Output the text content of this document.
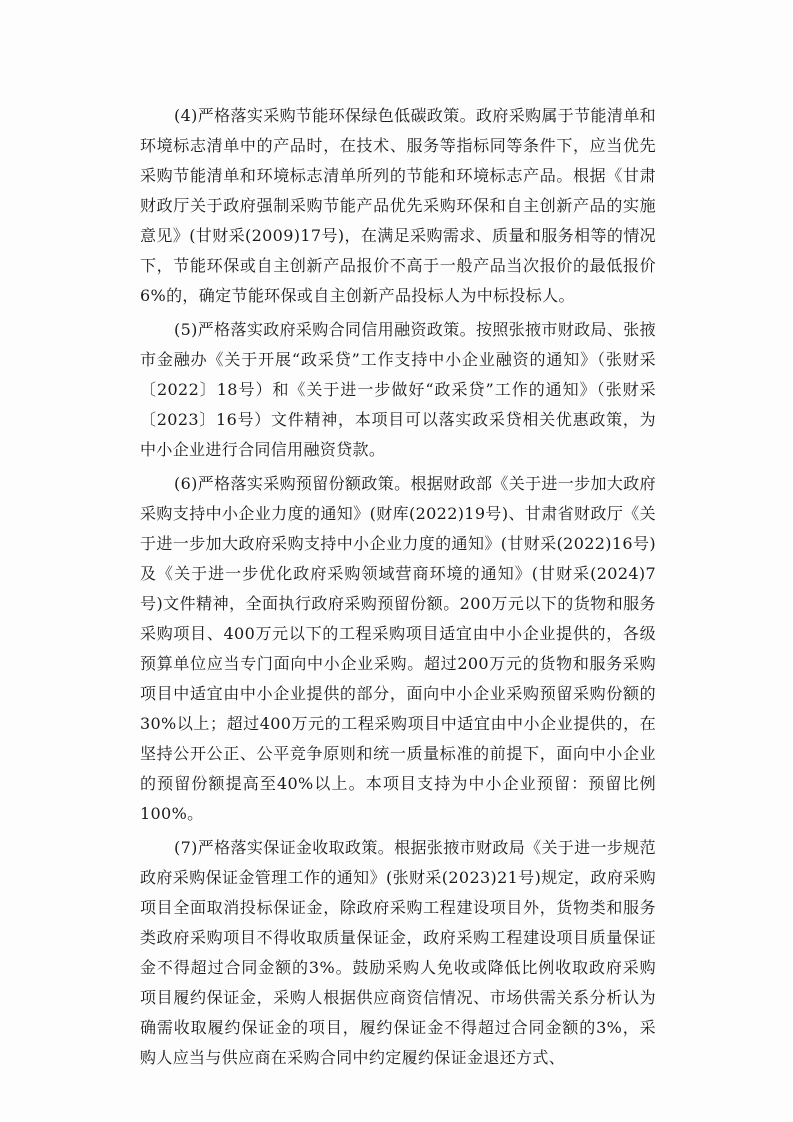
(4)严格落实采购节能环保绿色低碳政策。政府采购属于节能清单和环境标志清单中的产品时，在技术、服务等指标同等条件下，应当优先采购节能清单和环境标志清单所列的节能和环境标志产品。根据《甘肃财政厅关于政府强制采购节能产品优先采购环保和自主创新产品的实施意见》(甘财采(2009)17号)，在满足采购需求、质量和服务相等的情况下，节能环保或自主创新产品报价不高于一般产品当次报价的最低报价6%的，确定节能环保或自主创新产品投标人为中标投标人。

(5)严格落实政府采购合同信用融资政策。按照张掖市财政局、张掖市金融办《关于开展“政采贷”工作支持中小企业融资的通知》（张财采〔2022〕18号）和《关于进一步做好“政采贷”工作的通知》（张财采〔2023〕16号）文件精神，本项目可以落实政采贷相关优惠政策，为中小企业进行合同信用融资贷款。

(6)严格落实采购预留份额政策。根据财政部《关于进一步加大政府采购支持中小企业力度的通知》(财库(2022)19号)、甘肃省财政厅《关于进一步加大政府采购支持中小企业力度的通知》(甘财采(2022)16号)及《关于进一步优化政府采购领域营商环境的通知》(甘财采(2024)7号)文件精神，全面执行政府采购预留份额。200万元以下的货物和服务采购项目、400万元以下的工程采购项目适宜由中小企业提供的，各级预算单位应当专门面向中小企业采购。超过200万元的货物和服务采购项目中适宜由中小企业提供的部分，面向中小企业采购预留采购份额的30%以上；超过400万元的工程采购项目中适宜由中小企业提供的，在坚持公开公正、公平竞争原则和统一质量标准的前提下，面向中小企业的预留份额提高至40%以上。本项目支持为中小企业预留：预留比例100%。

(7)严格落实保证金收取政策。根据张掖市财政局《关于进一步规范政府采购保证金管理工作的通知》(张财采(2023)21号)规定，政府采购项目全面取消投标保证金，除政府采购工程建设项目外，货物类和服务类政府采购项目不得收取质量保证金，政府采购工程建设项目质量保证金不得超过合同金额的3%。鼓励采购人免收或降低比例收取政府采购项目履约保证金，采购人根据供应商资信情况、市场供需关系分析认为确需收取履约保证金的项目，履约保证金不得超过合同金额的3%，采购人应当与供应商在采购合同中约定履约保证金退还方式、
